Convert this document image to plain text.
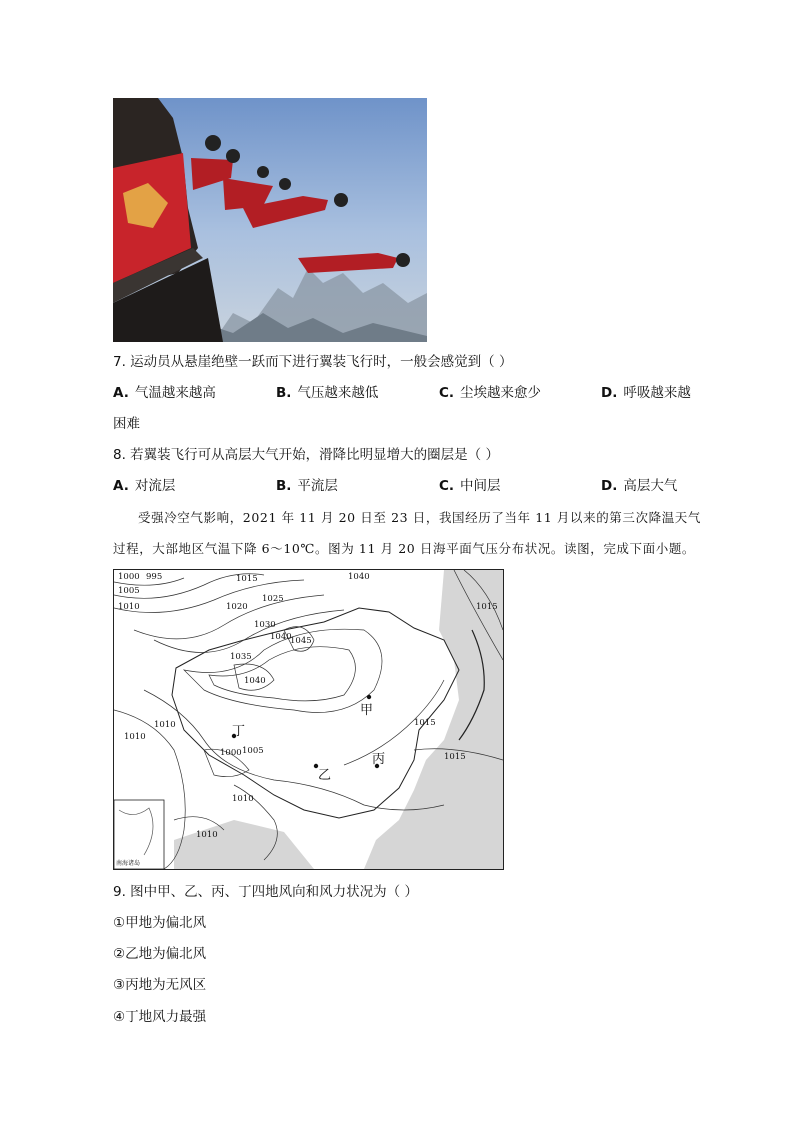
7. 运动员从悬崖绝壁一跃而下进行翼装飞行时，一般会感觉到（ ）
A. 气温越来越高	B. 气压越来越低	C. 尘埃越来愈少	D. 呼吸越来越
困难
8. 若翼装飞行可从高层大气开始，滑降比明显增大的圈层是（ ）
A. 对流层	B. 平流层	C. 中间层	D. 高层大气
受强冷空气影响，2021 年 11 月 20 日至 23 日，我国经历了当年 11 月以来的第三次降温天气
过程，大部地区气温下降 6～10℃。图为 11 月 20 日海平面气压分布状况。读图，完成下面小题。
1000 995
1005
1010
1015
1020
1025
1030
1035
1040
1045
1040
1040
1015
1015
1015
1010
1000 1005
1010
1010
1010
甲
乙
丙
丁
南海诸岛
9. 图中甲、乙、丙、丁四地风向和风力状况为（ ）
①甲地为偏北风
②乙地为偏北风
③丙地为无风区
④丁地风力最强
